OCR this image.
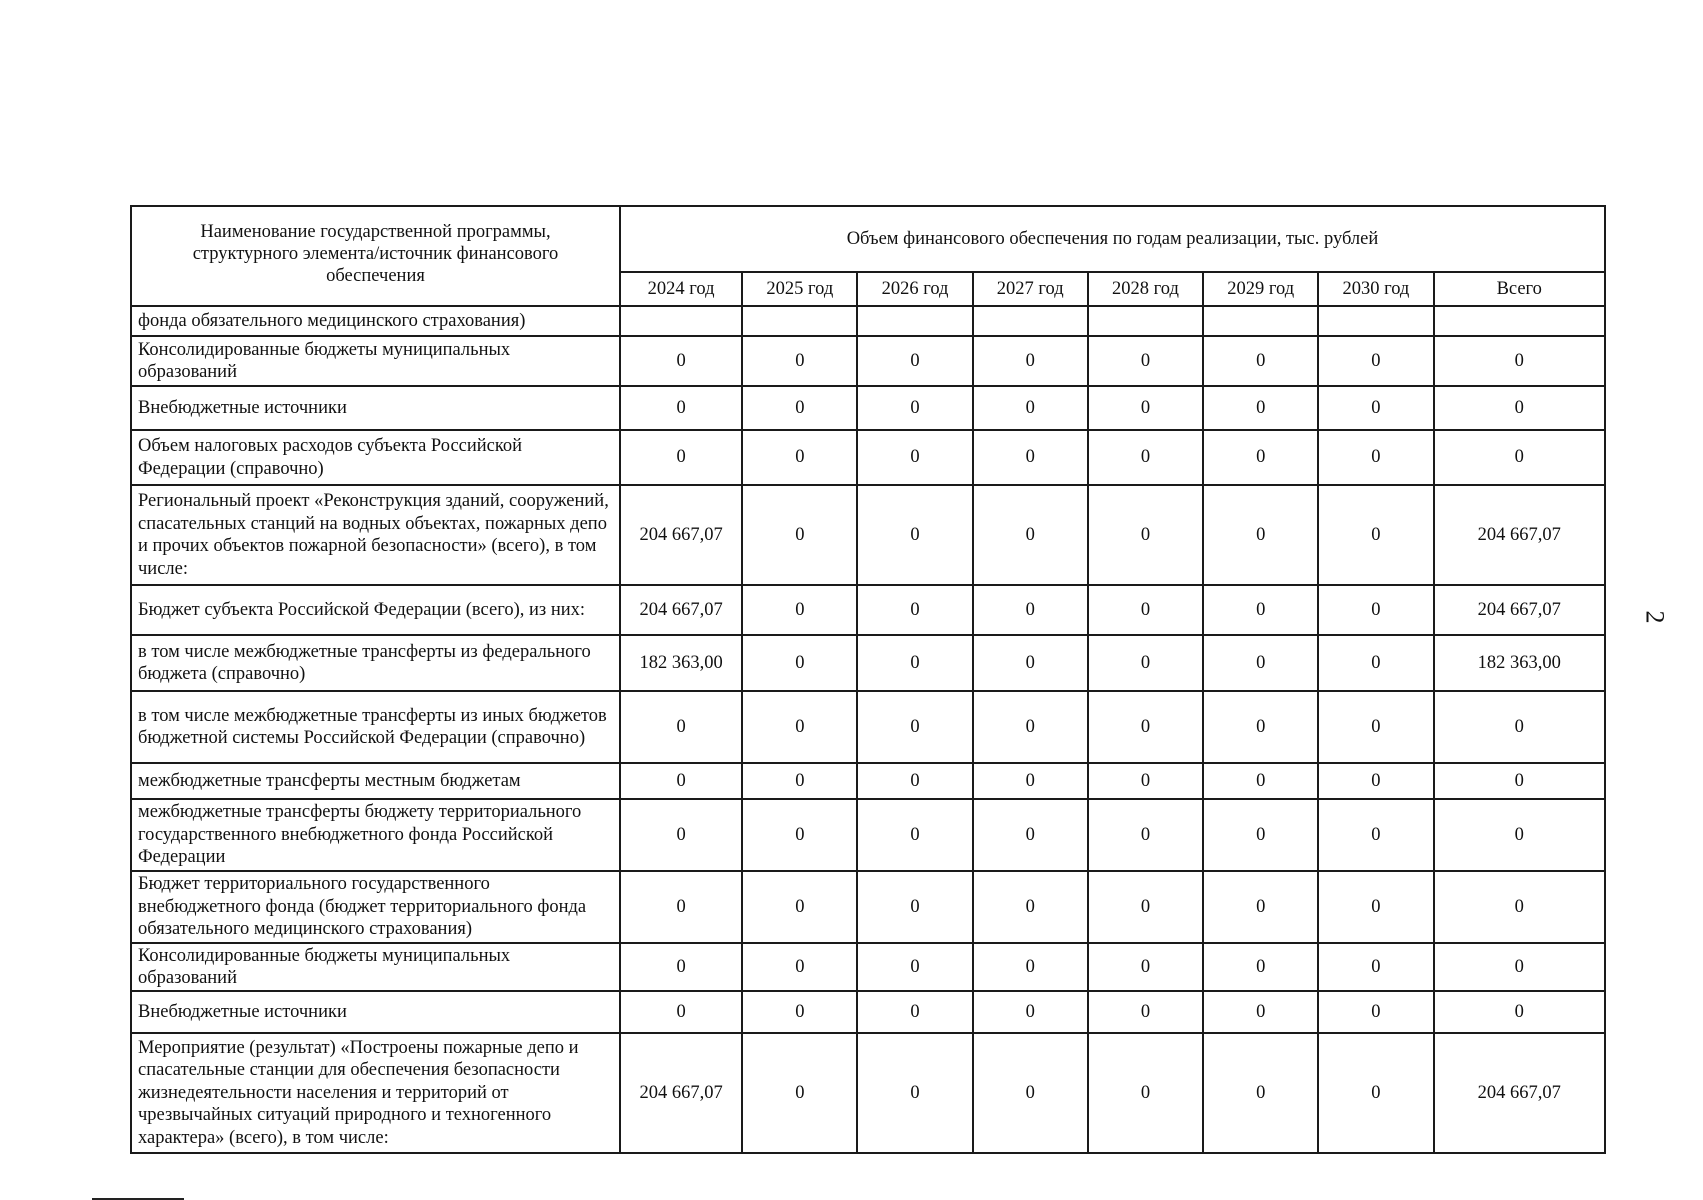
Наименование государственной программы, структурного элемента/источник финансового обеспечения	Объем финансового обеспечения по годам реализации, тыс. рублей							
	2024 год	2025 год	2026 год	2027 год	2028 год	2029 год	2030 год	Всего
фонда обязательного медицинского страхования)								
Консолидированные бюджеты муниципальных образований	0	0	0	0	0	0	0	0
Внебюджетные источники	0	0	0	0	0	0	0	0
Объем налоговых расходов субъекта Российской Федерации (справочно)	0	0	0	0	0	0	0	0
Региональный проект «Реконструкция зданий, сооружений, спасательных станций на водных объектах, пожарных депо и прочих объектов пожарной безопасности» (всего), в том числе:	204 667,07	0	0	0	0	0	0	204 667,07
Бюджет субъекта Российской Федерации (всего), из них:	204 667,07	0	0	0	0	0	0	204 667,07
в том числе межбюджетные трансферты из федерального бюджета (справочно)	182 363,00	0	0	0	0	0	0	182 363,00
в том числе межбюджетные трансферты из иных бюджетов бюджетной системы Российской Федерации (справочно)	0	0	0	0	0	0	0	0
межбюджетные трансферты местным бюджетам	0	0	0	0	0	0	0	0
межбюджетные трансферты бюджету территориального государственного внебюджетного фонда Российской Федерации	0	0	0	0	0	0	0	0
Бюджет территориального государственного внебюджетного фонда (бюджет территориального фонда обязательного медицинского страхования)	0	0	0	0	0	0	0	0
Консолидированные бюджеты муниципальных образований	0	0	0	0	0	0	0	0
Внебюджетные источники	0	0	0	0	0	0	0	0
Мероприятие (результат) «Построены пожарные депо и спасательные станции для обеспечения безопасности жизнедеятельности населения и территорий от чрезвычайных ситуаций природного и техногенного характера» (всего), в том числе:	204 667,07	0	0	0	0	0	0	204 667,07
2
